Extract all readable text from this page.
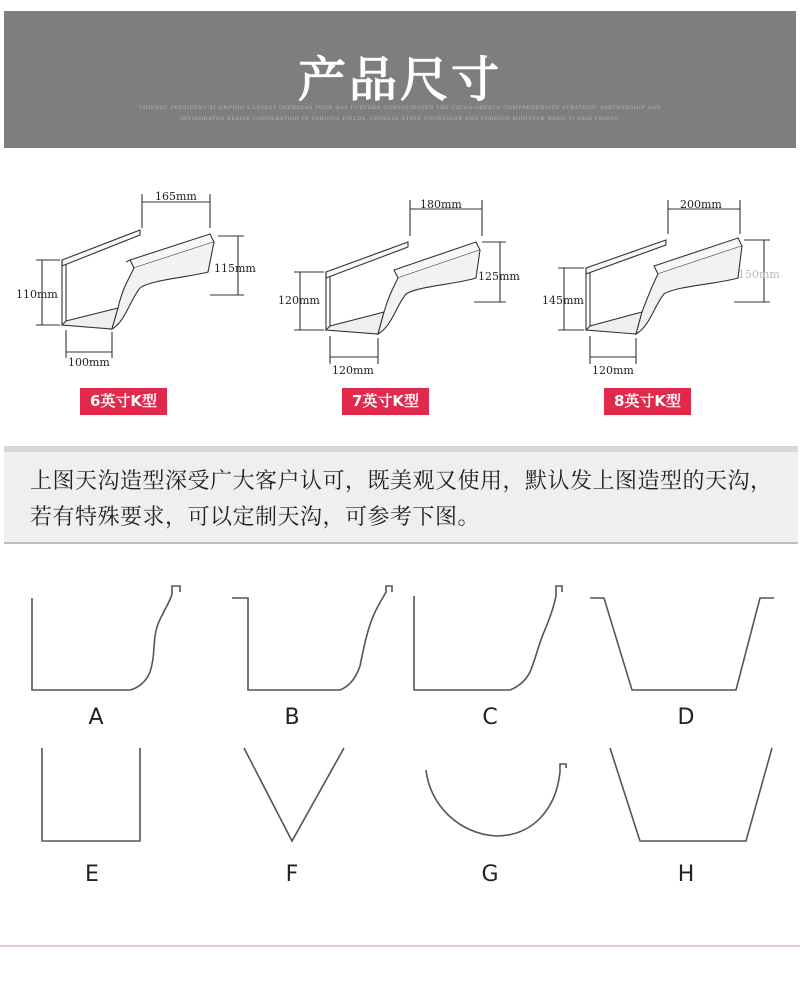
产品尺寸
CHINESE PRESIDENT XI JINPING'S LATEST OVERSEAS TOUR HAS FURTHER CONSOLIDATED THE CHINA-GREECE COMPREHENSIVE STRATEGIC PARTNERSHIP AND INVIGORATED BESIDE COOPERATION IN VARIOUS FIELDS, CHINESE STATE COUNCILOR AND FOREIGN MINISTER WANG YI SAID FRIDAY.
165mm
110mm
115mm
100mm
6英寸K型
180mm
120mm
125mm
120mm
7英寸K型
200mm
145mm
150mm
120mm
8英寸K型
上图天沟造型深受广大客户认可，既美观又使用，默认发上图造型的天沟，若有特殊要求，可以定制天沟，可参考下图。
A	B	C	D
E	F	G	H
